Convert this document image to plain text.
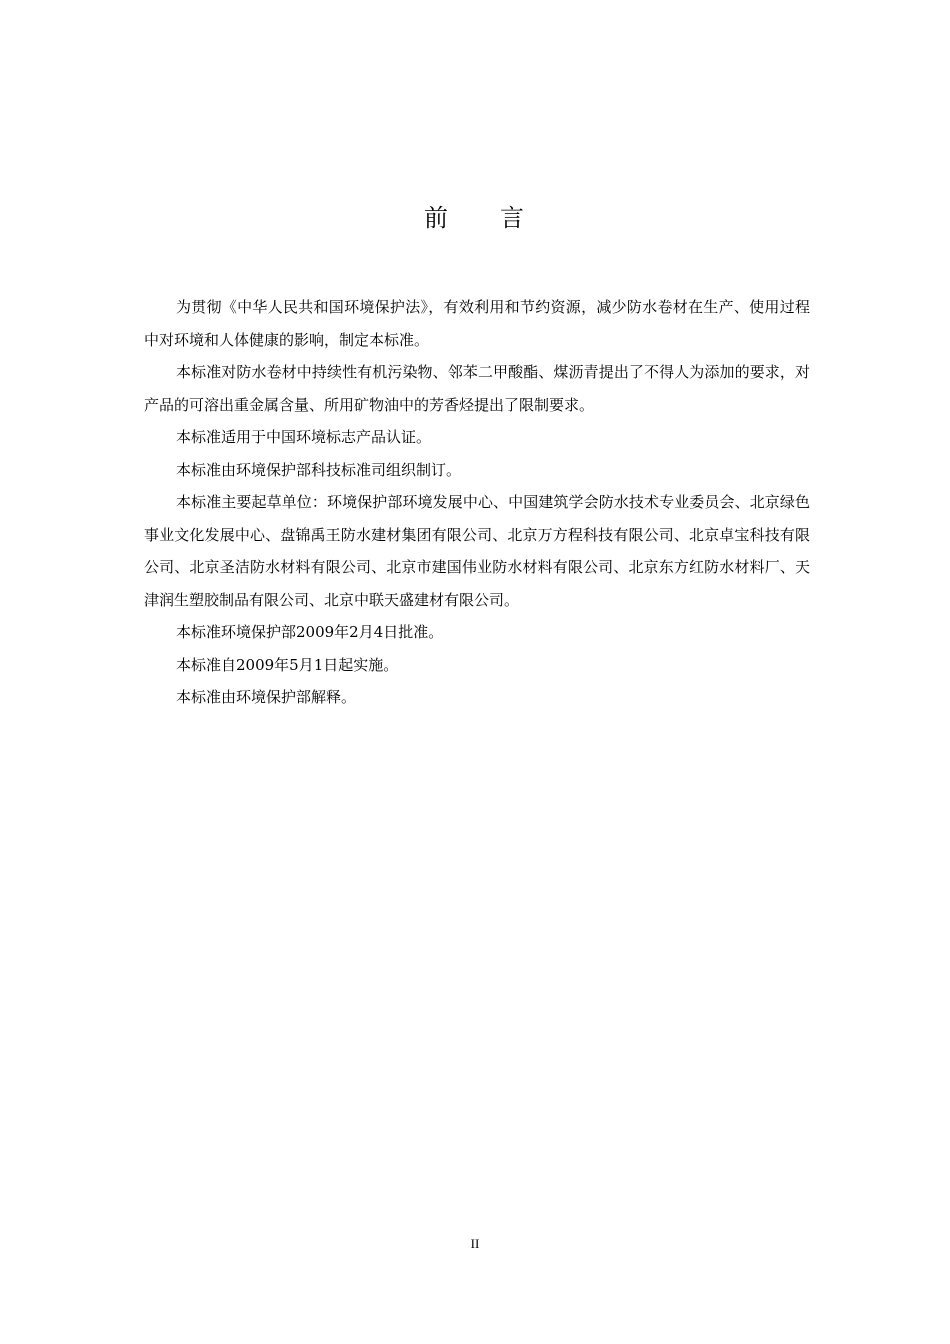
前 言

为贯彻《中华人民共和国环境保护法》，有效利用和节约资源，减少防水卷材在生产、使用过程中对环境和人体健康的影响，制定本标准。

本标准对防水卷材中持续性有机污染物、邻苯二甲酸酯、煤沥青提出了不得人为添加的要求，对产品的可溶出重金属含量、所用矿物油中的芳香烃提出了限制要求。

本标准适用于中国环境标志产品认证。

本标准由环境保护部科技标准司组织制订。

本标准主要起草单位：环境保护部环境发展中心、中国建筑学会防水技术专业委员会、北京绿色事业文化发展中心、盘锦禹王防水建材集团有限公司、北京万方程科技有限公司、北京卓宝科技有限公司、北京圣洁防水材料有限公司、北京市建国伟业防水材料有限公司、北京东方红防水材料厂、天津润生塑胶制品有限公司、北京中联天盛建材有限公司。

本标准环境保护部2009年2月4日批准。

本标准自2009年5月1日起实施。

本标准由环境保护部解释。

II
